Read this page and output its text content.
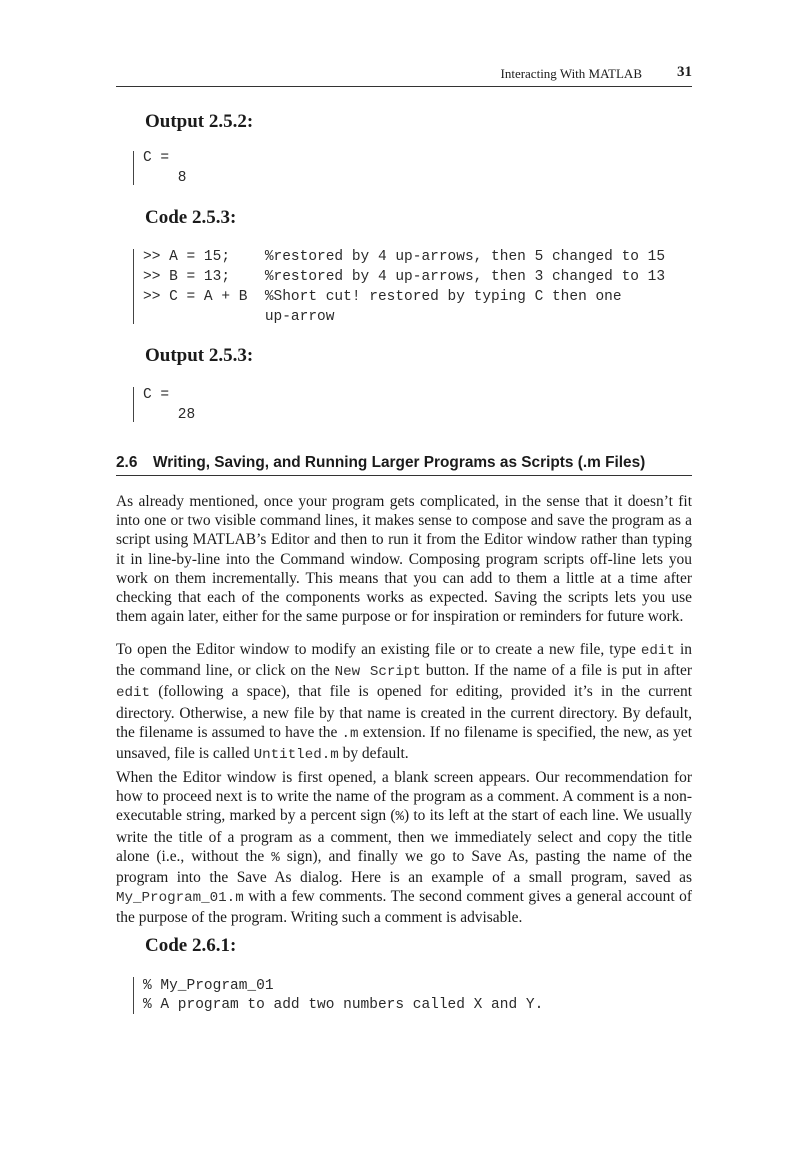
Interacting With MATLAB	31
Output 2.5.2:
C =
8
Code 2.5.3:
>> A = 15;    %restored by 4 up-arrows, then 5 changed to 15
>> B = 13;    %restored by 4 up-arrows, then 3 changed to 13
>> C = A + B  %Short cut! restored by typing C then one
up-arrow
Output 2.5.3:
C =
28
2.6 Writing, Saving, and Running Larger Programs as Scripts (.m Files)

As already mentioned, once your program gets complicated, in the sense that it doesn’t fit into one or two visible command lines, it makes sense to compose and save the program as a script using MATLAB’s Editor and then to run it from the Editor window rather than typing it in line-by-line into the Command window. Composing program scripts off-line lets you work on them incrementally. This means that you can add to them a little at a time after checking that each of the components works as expected. Saving the scripts lets you use them again later, either for the same purpose or for inspiration or reminders for future work.

To open the Editor window to modify an existing file or to create a new file, type edit in the command line, or click on the New Script button. If the name of a file is put in after edit (following a space), that file is opened for editing, provided it’s in the current directory. Otherwise, a new file by that name is created in the current directory. By default, the filename is assumed to have the .m extension. If no filename is specified, the new, as yet unsaved, file is called Untitled.m by default.

When the Editor window is first opened, a blank screen appears. Our recommendation for how to proceed next is to write the name of the program as a comment. A comment is a non-executable string, marked by a percent sign (%) to its left at the start of each line. We usually write the title of a program as a comment, then we immediately select and copy the title alone (i.e., without the % sign), and finally we go to Save As, pasting the name of the program into the Save As dialog. Here is an example of a small program, saved as My_Program_01.m with a few comments. The second comment gives a general account of the purpose of the program. Writing such a comment is advisable.

Code 2.6.1:
% My_Program_01
% A program to add two numbers called X and Y.
